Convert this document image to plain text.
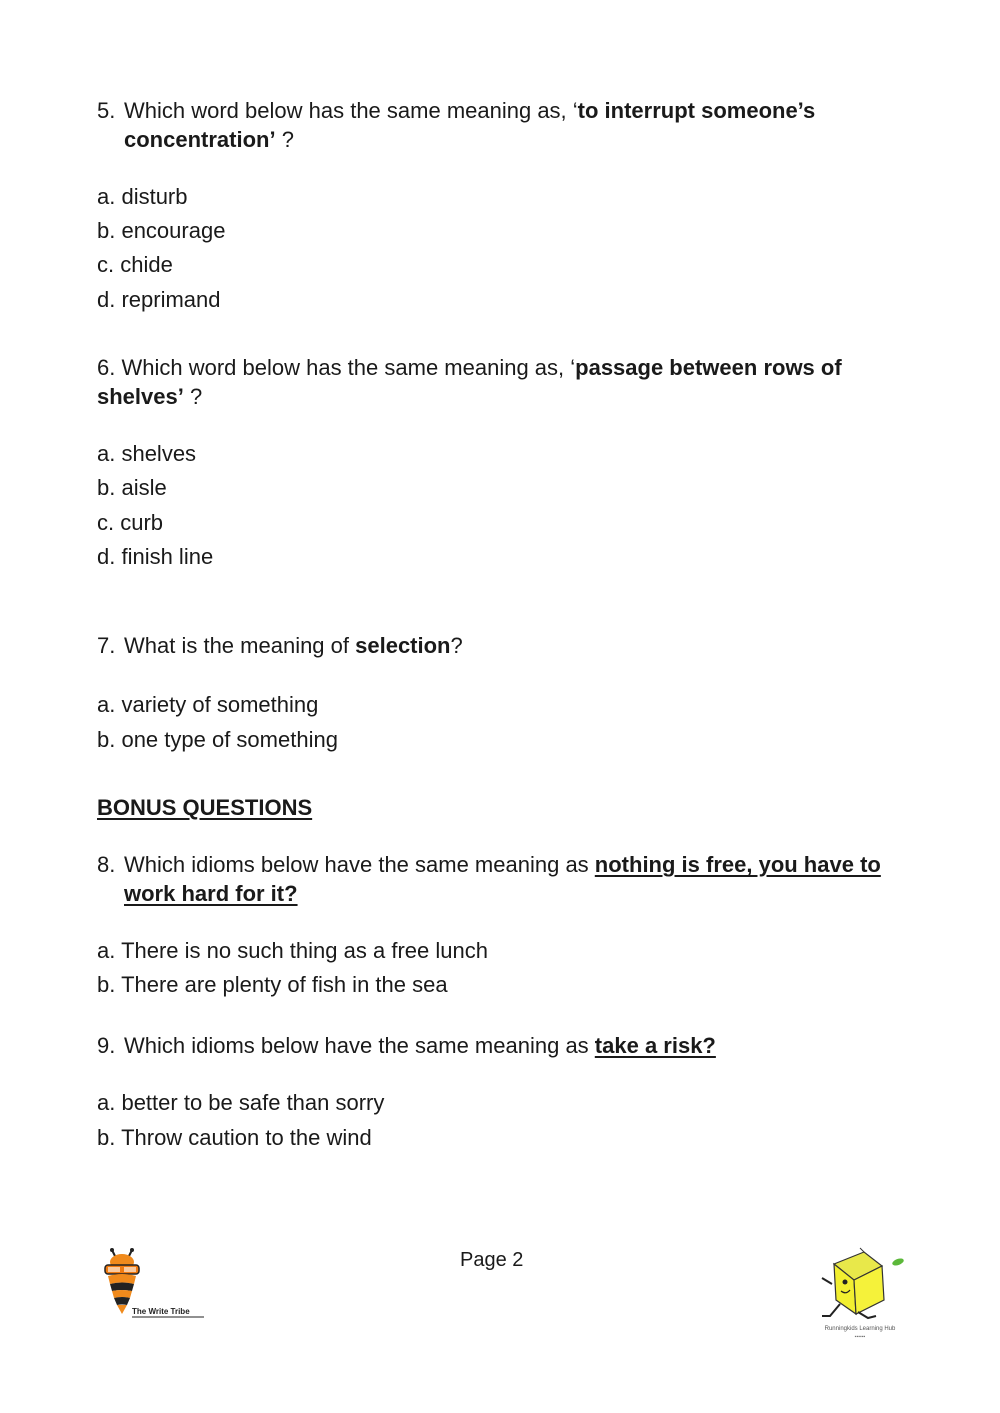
5. Which word below has the same meaning as, ‘to interrupt someone’s concentration’ ?
a. disturb
b. encourage
c. chide
d. reprimand
6. Which word below has the same meaning as, ‘passage between rows of shelves’ ?
a. shelves
b. aisle
c. curb
d. finish line
7. What is the meaning of selection?
a. variety of something
b. one type of something
BONUS QUESTIONS
8. Which idioms below have the same meaning as nothing is free, you have to work hard for it?
a. There is no such thing as a free lunch
b. There are plenty of fish in the sea
9. Which idioms below have the same meaning as take a risk?
a. better to be safe than sorry
b. Throw caution to the wind
Page 2
The Write Tribe
Runningkids Learning Hub
▪▪▪▪▪▪
